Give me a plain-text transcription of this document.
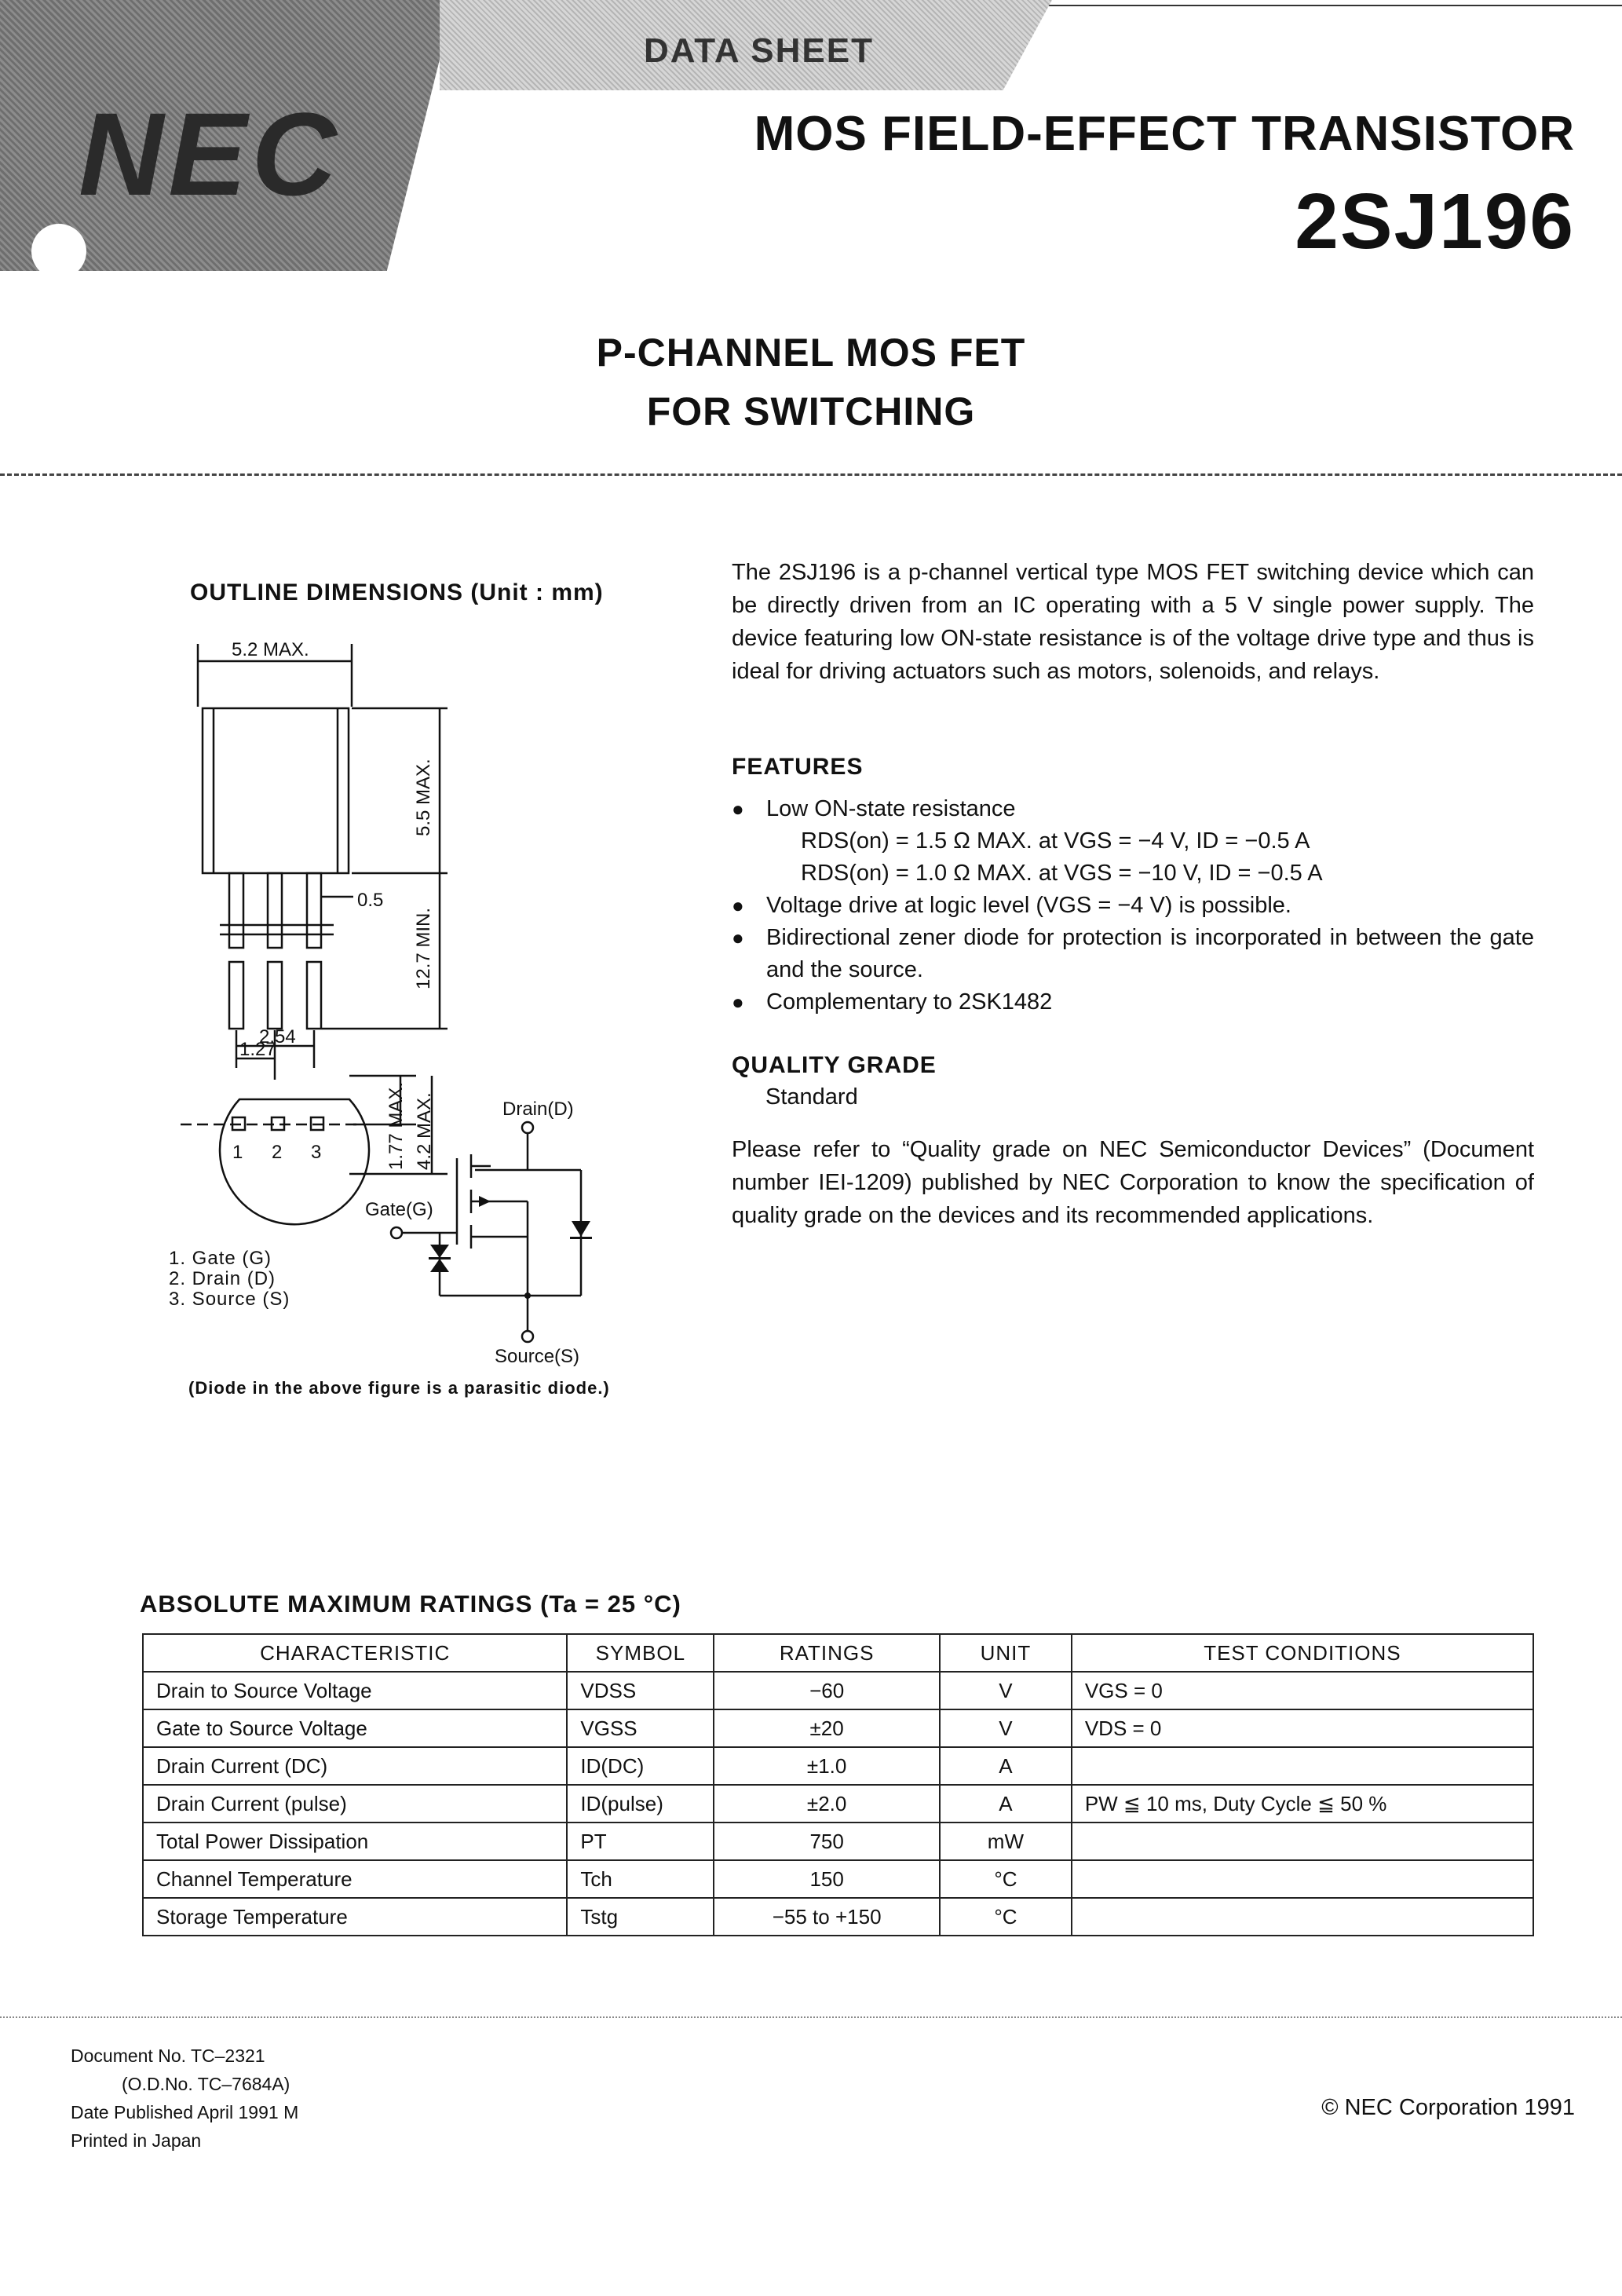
NEC
DATA SHEET
MOS FIELD-EFFECT TRANSISTOR
2SJ196
P-CHANNEL MOS FET
FOR SWITCHING
OUTLINE DIMENSIONS (Unit : mm)
5.2 MAX.
0.5
2.54
1.27
5.5 MAX.
12.7 MIN.
1.77 MAX. 4.2 MAX.
1 2 3
Drain(D)
Gate(G)
Source(S)
1. Gate (G)
2. Drain (D)
3. Source (S)
(Diode in the above figure is a parasitic diode.)
The 2SJ196 is a p-channel vertical type MOS FET switching device which can be directly driven from an IC operating with a 5 V single power supply. The device featuring low ON-state resistance is of the voltage drive type and thus is ideal for driving actuators such as motors, solenoids, and relays.
FEATURES
● Low ON-state resistance
RDS(on) = 1.5 Ω MAX. at VGS = −4 V, ID = −0.5 A
RDS(on) = 1.0 Ω MAX. at VGS = −10 V, ID = −0.5 A
● Voltage drive at logic level (VGS = −4 V) is possible.
● Bidirectional zener diode for protection is incorporated in between the gate and the source.
● Complementary to 2SK1482
QUALITY GRADE
Standard
Please refer to “Quality grade on NEC Semiconductor Devices” (Document number IEI-1209) published by NEC Corporation to know the specification of quality grade on the devices and its recommended applications.
ABSOLUTE MAXIMUM RATINGS (Ta = 25 °C)
CHARACTERISTIC	SYMBOL	RATINGS	UNIT	TEST CONDITIONS
Drain to Source Voltage	VDSS	−60	V	VGS = 0
Gate to Source Voltage	VGSS	±20	V	VDS = 0
Drain Current (DC)	ID(DC)	±1.0	A	
Drain Current (pulse)	ID(pulse)	±2.0	A	PW ≦ 10 ms, Duty Cycle ≦ 50 %
Total Power Dissipation	PT	750	mW	
Channel Temperature	Tch	150	°C	
Storage Temperature	Tstg	−55 to +150	°C	
Document No. TC–2321
(O.D.No. TC–7684A)
Date Published April 1991 M
Printed in Japan
© NEC Corporation 1991
